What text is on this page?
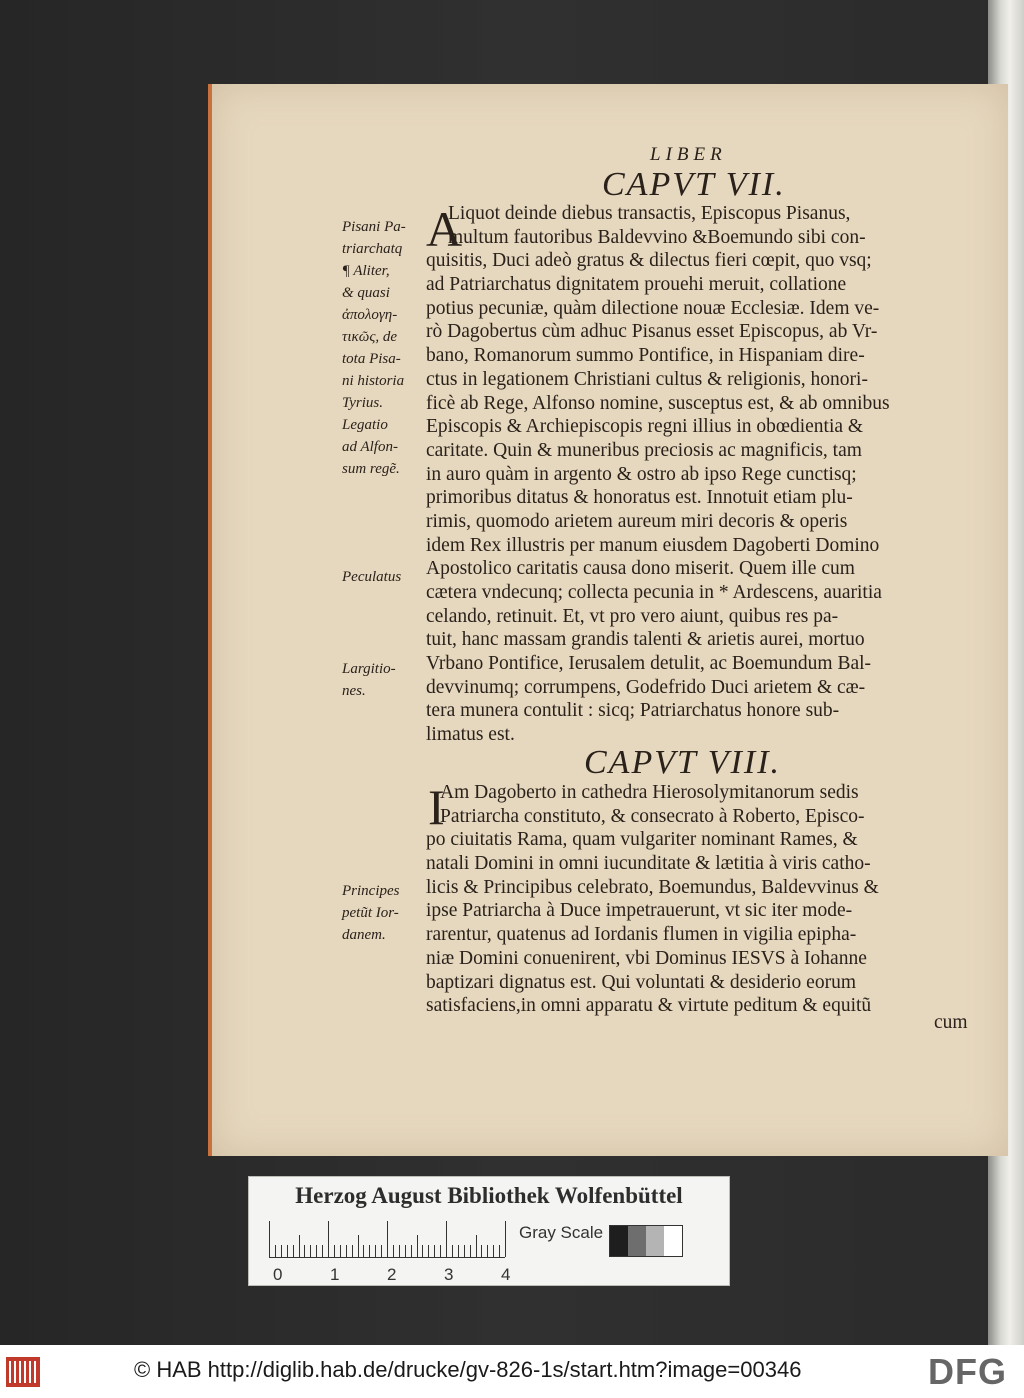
LIBER
CAPVT VII.
A
Liquot deinde diebus transactis, Episcopus Pisanus,
multum fautoribus Baldevvino &Boemundo sibi con-
quisitis, Duci adeò gratus & dilectus fieri cœpit, quo vsq;
ad Patriarchatus dignitatem prouehi meruit, collatione
potius pecuniæ, quàm dilectione nouæ Ecclesiæ. Idem ve-
rò Dagobertus cùm adhuc Pisanus esset Episcopus, ab Vr-
bano, Romanorum summo Pontifice, in Hispaniam dire-
ctus in legationem Christiani cultus & religionis, honori-
ficè ab Rege, Alfonso nomine, susceptus est, & ab omnibus
Episcopis & Archiepiscopis regni illius in obœdientia &
caritate. Quin & muneribus preciosis ac magnificis, tam
in auro quàm in argento & ostro ab ipso Rege cunctisq;
primoribus ditatus & honoratus est. Innotuit etiam plu-
rimis, quomodo arietem aureum miri decoris & operis
idem Rex illustris per manum eiusdem Dagoberti Domino
Apostolico caritatis causa dono miserit. Quem ille cum
cætera vndecunq; collecta pecunia in * Ardescens, auaritia
celando, retinuit. Et, vt pro vero aiunt, quibus res pa-
tuit, hanc massam grandis talenti & arietis aurei, mortuo
Vrbano Pontifice, Ierusalem detulit, ac Boemundum Bal-
devvinumq; corrumpens, Godefrido Duci arietem & cæ-
tera munera contulit : sicq; Patriarchatus honore sub-
limatus est.
CAPVT VIII.
I
Am Dagoberto in cathedra Hierosolymitanorum sedis
Patriarcha constituto, & consecrato à Roberto, Episco-
po ciuitatis Rama, quam vulgariter nominant Rames, &
natali Domini in omni iucunditate & lætitia à viris catho-
licis & Principibus celebrato, Boemundus, Baldevvinus &
ipse Patriarcha à Duce impetrauerunt, vt sic iter mode-
rarentur, quatenus ad Iordanis flumen in vigilia epipha-
niæ Domini conuenirent, vbi Dominus IESVS à Iohanne
baptizari dignatus est. Qui voluntati & desiderio eorum
satisfaciens,in omni apparatu & virtute peditum & equitũ
cum
Pisani Pa-
triarchatq
¶ Aliter,
& quasi
ἀπολογη-
τικῶς, de
tota Pisa-
ni historia
Tyrius.
Legatio
ad Alfon-
sum regẽ.
Peculatus
Largitio-
nes.
Principes
petũt Ior-
danem.
Herzog August Bibliothek Wolfenbüttel
0	1	2	3	4
Gray Scale
© HAB http://diglib.hab.de/drucke/gv-826-1s/start.htm?image=00346	DFG
